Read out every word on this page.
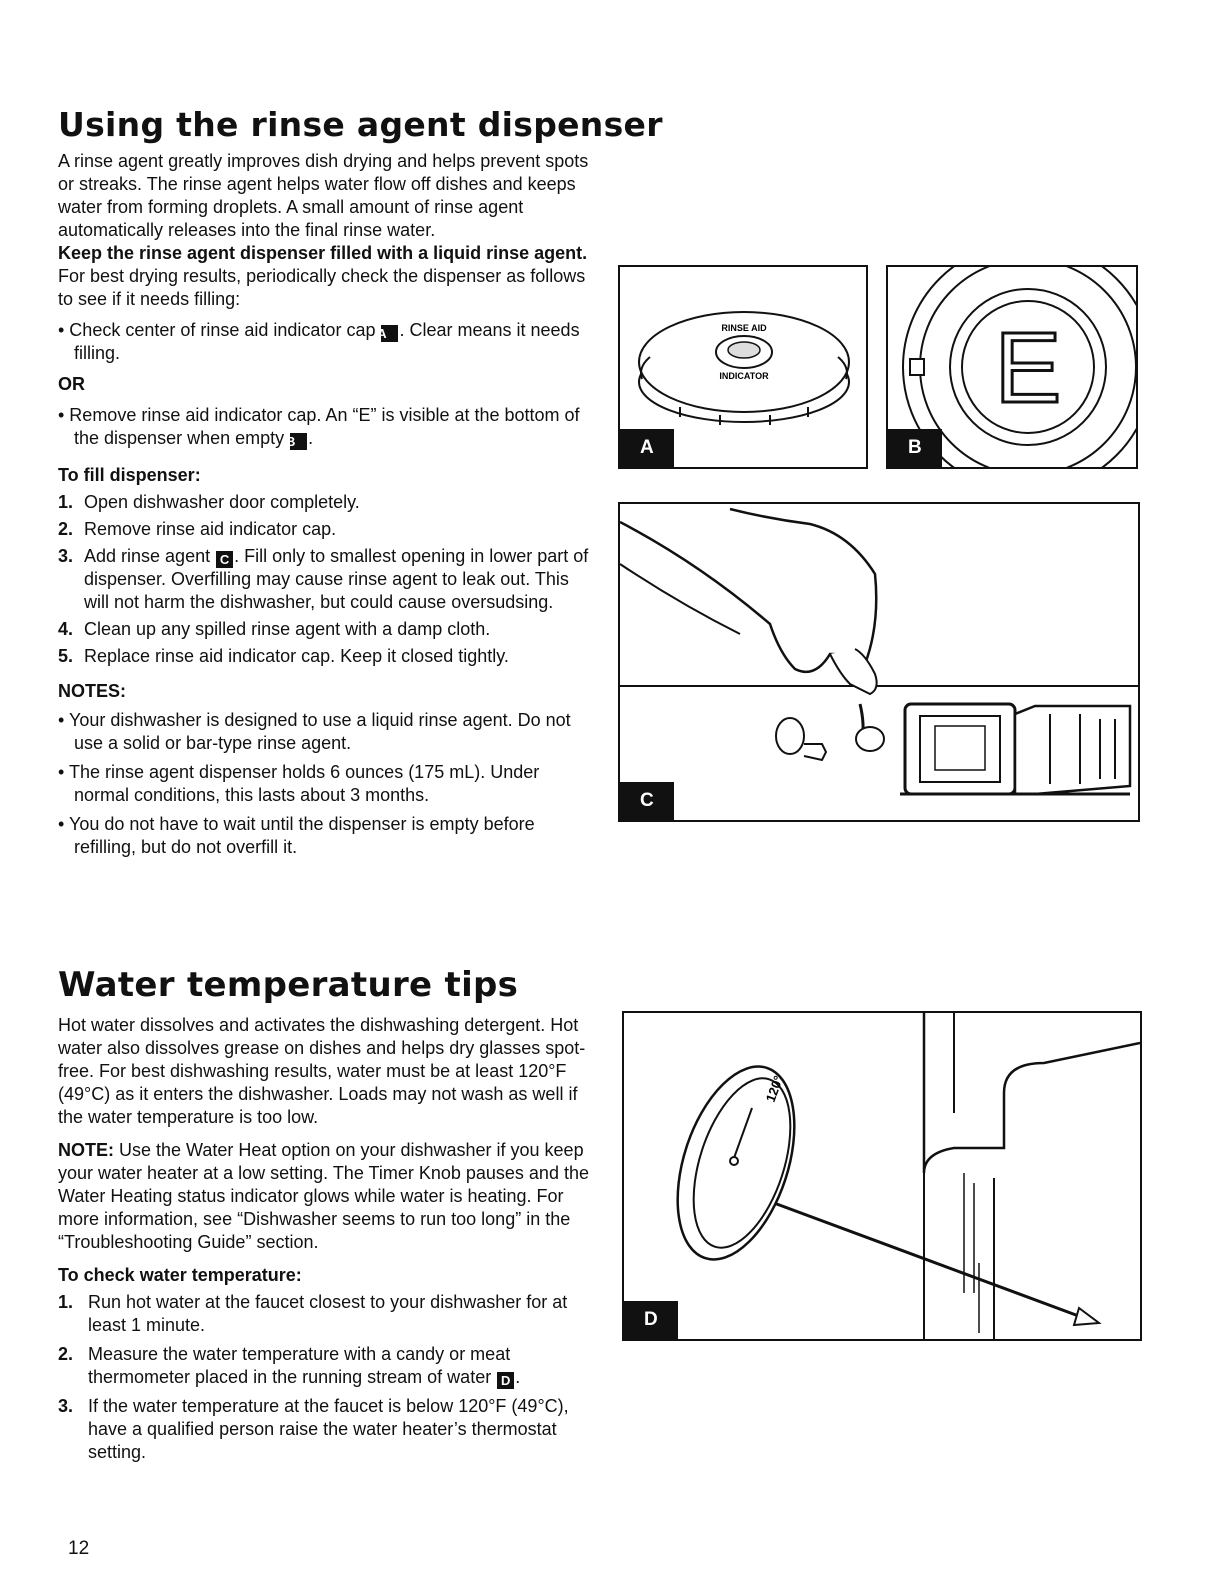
Using the rinse agent dispenser

A rinse agent greatly improves dish drying and helps prevent spots or streaks. The rinse agent helps water flow off dishes and keeps water from forming droplets. A small amount of rinse agent automatically releases into the final rinse water.

Keep the rinse agent dispenser filled with a liquid rinse agent. For best drying results, periodically check the dispenser as follows to see if it needs filling:

• Check center of rinse aid indicator cap A . Clear means it needs filling.

OR

• Remove rinse aid indicator cap. An “E” is visible at the bottom of the dispenser when empty B .

To fill dispenser:

1. Open dishwasher door completely.
2. Remove rinse aid indicator cap.
3. Add rinse agent C . Fill only to smallest opening in lower part of dispenser. Overfilling may cause rinse agent to leak out. This will not harm the dishwasher, but could cause oversudsing.
4. Clean up any spilled rinse agent with a damp cloth.
5. Replace rinse aid indicator cap. Keep it closed tightly.

NOTES:

• Your dishwasher is designed to use a liquid rinse agent. Do not use a solid or bar-type rinse agent.

• The rinse agent dispenser holds 6 ounces (175 mL). Under normal conditions, this lasts about 3 months.

• You do not have to wait until the dispenser is empty before refilling, but do not overfill it.

Water temperature tips

Hot water dissolves and activates the dishwashing detergent. Hot water also dissolves grease on dishes and helps dry glasses spot-free. For best dishwashing results, water must be at least 120°F (49°C) as it enters the dishwasher. Loads may not wash as well if the water temperature is too low.

NOTE: Use the Water Heat option on your dishwasher if you keep your water heater at a low setting. The Timer Knob pauses and the Water Heating status indicator glows while water is heating. For more information, see “Dishwasher seems to run too long” in the “Troubleshooting Guide” section.

To check water temperature:

1. Run hot water at the faucet closest to your dishwasher for at least 1 minute.
2. Measure the water temperature with a candy or meat thermometer placed in the running stream of water D .
3. If the water temperature at the faucet is below 120°F (49°C), have a qualified person raise the water heater’s thermostat setting.
RINSE AID
INDICATOR
A
E
B
C
120°
D
12
